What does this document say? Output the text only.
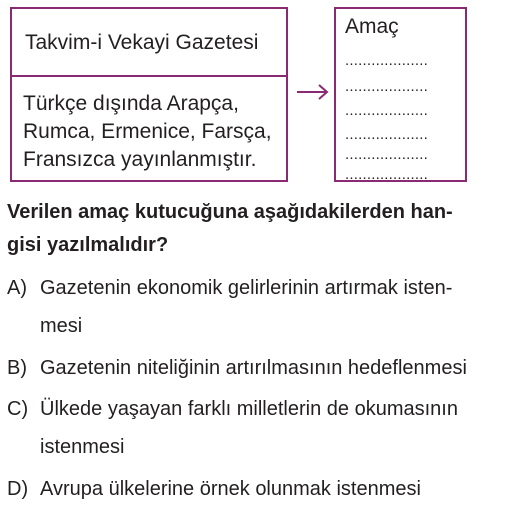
Takvim-i Vekayi Gazetesi
Türkçe dışında Arapça,
Rumca, Ermenice, Farsça,
Fransızca yayınlanmıştır.
Amaç
...................
...................
...................
...................
...................
...................
Verilen amaç kutucuğuna aşağıdakilerden han-
gisi yazılmalıdır?
A) Gazetenin ekonomik gelirlerinin artırmak isten-
mesi
B) Gazetenin niteliğinin artırılmasının hedeflenmesi
C) Ülkede yaşayan farklı milletlerin de okumasının
istenmesi
D) Avrupa ülkelerine örnek olunmak istenmesi
